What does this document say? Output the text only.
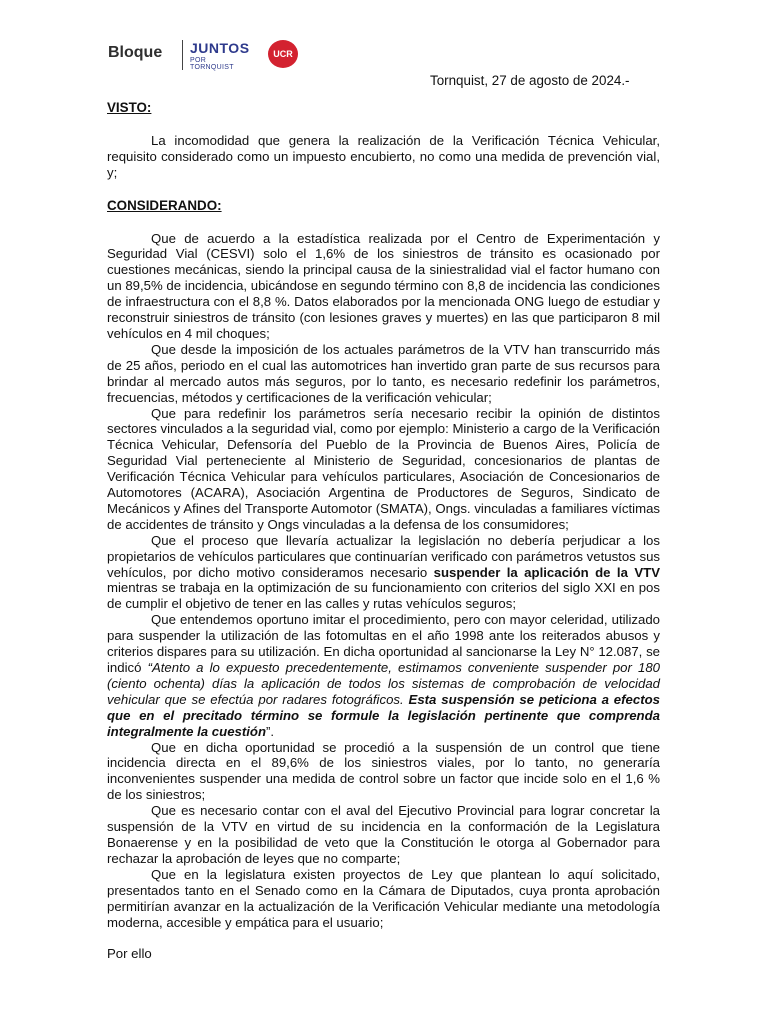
Bloque JUNTOS
POR TORNQUIST
UCR
Tornquist, 27 de agosto de 2024.-
VISTO:

La incomodidad que genera la realización de la Verificación Técnica Vehicular, requisito considerado como un impuesto encubierto, no como una medida de prevención vial, y;

CONSIDERANDO:

Que de acuerdo a la estadística realizada por el Centro de Experimentación y Seguridad Vial (CESVI) solo el 1,6% de los siniestros de tránsito es ocasionado por cuestiones mecánicas, siendo la principal causa de la siniestralidad vial el factor humano con un 89,5% de incidencia, ubicándose en segundo término con 8,8 de incidencia las condiciones de infraestructura con el 8,8 %. Datos elaborados por la mencionada ONG luego de estudiar y reconstruir siniestros de tránsito (con lesiones graves y muertes) en las que participaron 8 mil vehículos en 4 mil choques;

Que desde la imposición de los actuales parámetros de la VTV han transcurrido más de 25 años, periodo en el cual las automotrices han invertido gran parte de sus recursos para brindar al mercado autos más seguros, por lo tanto, es necesario redefinir los parámetros, frecuencias, métodos y certificaciones de la verificación vehicular;

Que para redefinir los parámetros sería necesario recibir la opinión de distintos sectores vinculados a la seguridad vial, como por ejemplo: Ministerio a cargo de la Verificación Técnica Vehicular, Defensoría del Pueblo de la Provincia de Buenos Aires, Policía de Seguridad Vial perteneciente al Ministerio de Seguridad, concesionarios de plantas de Verificación Técnica Vehicular para vehículos particulares, Asociación de Concesionarios de Automotores (ACARA), Asociación Argentina de Productores de Seguros, Sindicato de Mecánicos y Afines del Transporte Automotor (SMATA), Ongs. vinculadas a familiares víctimas de accidentes de tránsito y Ongs vinculadas a la defensa de los consumidores;

Que el proceso que llevaría actualizar la legislación no debería perjudicar a los propietarios de vehículos particulares que continuarían verificado con parámetros vetustos sus vehículos, por dicho motivo consideramos necesario suspender la aplicación de la VTV mientras se trabaja en la optimización de su funcionamiento con criterios del siglo XXI en pos de cumplir el objetivo de tener en las calles y rutas vehículos seguros;

Que entendemos oportuno imitar el procedimiento, pero con mayor celeridad, utilizado para suspender la utilización de las fotomultas en el año 1998 ante los reiterados abusos y criterios dispares para su utilización. En dicha oportunidad al sancionarse la Ley N° 12.087, se indicó “Atento a lo expuesto precedentemente, estimamos conveniente suspender por 180 (ciento ochenta) días la aplicación de todos los sistemas de comprobación de velocidad vehicular que se efectúa por radares fotográficos. Esta suspensión se peticiona a efectos que en el precitado término se formule la legislación pertinente que comprenda integralmente la cuestión”.

Que en dicha oportunidad se procedió a la suspensión de un control que tiene incidencia directa en el 89,6% de los siniestros viales, por lo tanto, no generaría inconvenientes suspender una medida de control sobre un factor que incide solo en el 1,6 % de los siniestros;

Que es necesario contar con el aval del Ejecutivo Provincial para lograr concretar la suspensión de la VTV en virtud de su incidencia en la conformación de la Legislatura Bonaerense y en la posibilidad de veto que la Constitución le otorga al Gobernador para rechazar la aprobación de leyes que no comparte;

Que en la legislatura existen proyectos de Ley que plantean lo aquí solicitado, presentados tanto en el Senado como en la Cámara de Diputados, cuya pronta aprobación permitirían avanzar en la actualización de la Verificación Vehicular mediante una metodología moderna, accesible y empática para el usuario;

Por ello
